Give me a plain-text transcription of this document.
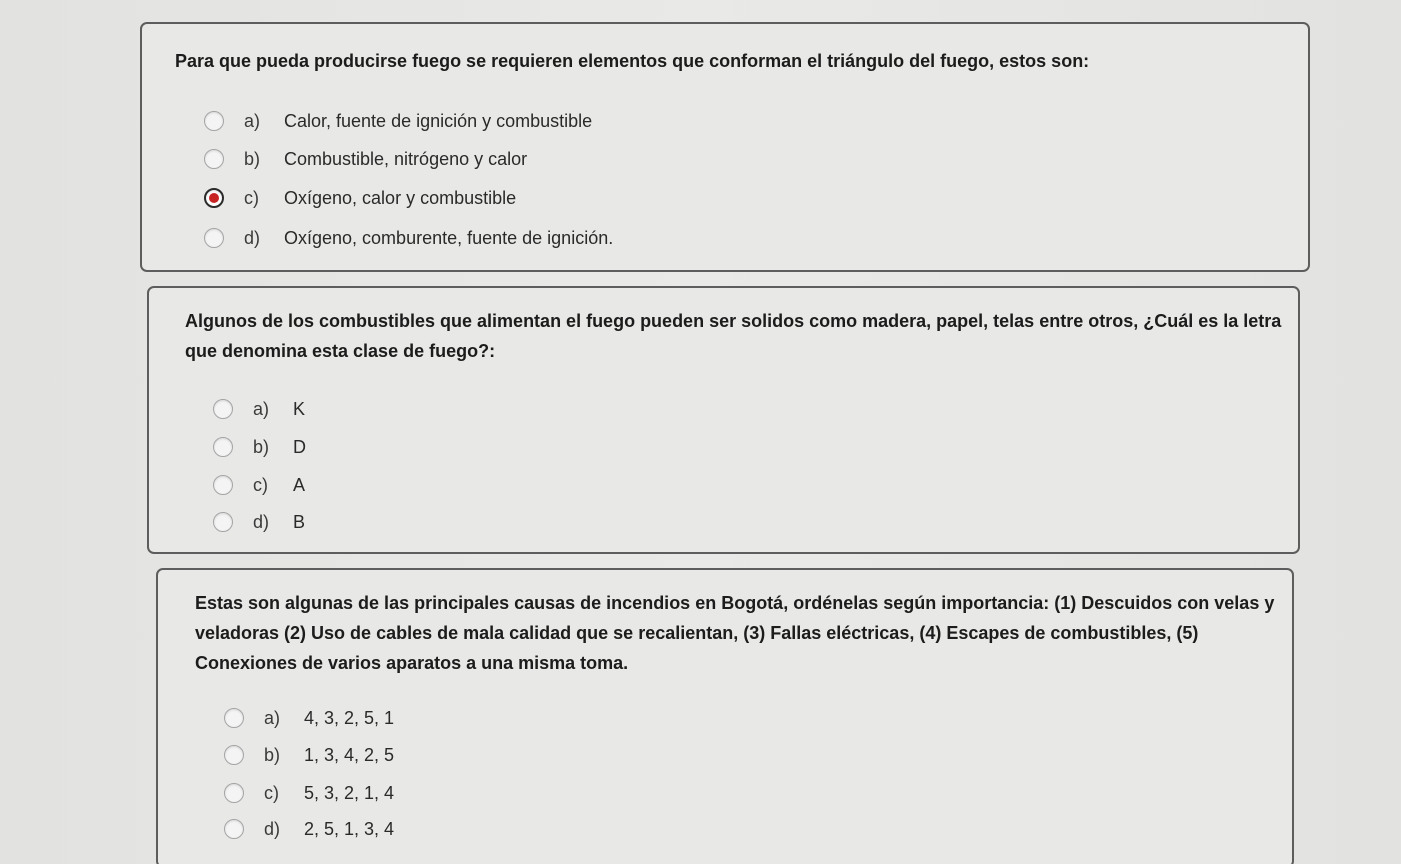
Para que pueda producirse fuego se requieren elementos que conforman el triángulo del fuego, estos son:
a) Calor, fuente de ignición y combustible
b) Combustible, nitrógeno y calor
c) Oxígeno, calor y combustible
d) Oxígeno, comburente, fuente de ignición.
Algunos de los combustibles que alimentan el fuego pueden ser solidos como madera, papel, telas entre otros, ¿Cuál es la letra que denomina esta clase de fuego?:
a) K
b) D
c) A
d) B
Estas son algunas de las principales causas de incendios en Bogotá, ordénelas según importancia: (1) Descuidos con velas y veladoras (2) Uso de cables de mala calidad que se recalientan, (3) Fallas eléctricas, (4) Escapes de combustibles, (5) Conexiones de varios aparatos a una misma toma.
a) 4, 3, 2, 5, 1
b) 1, 3, 4, 2, 5
c) 5, 3, 2, 1, 4
d) 2, 5, 1, 3, 4
